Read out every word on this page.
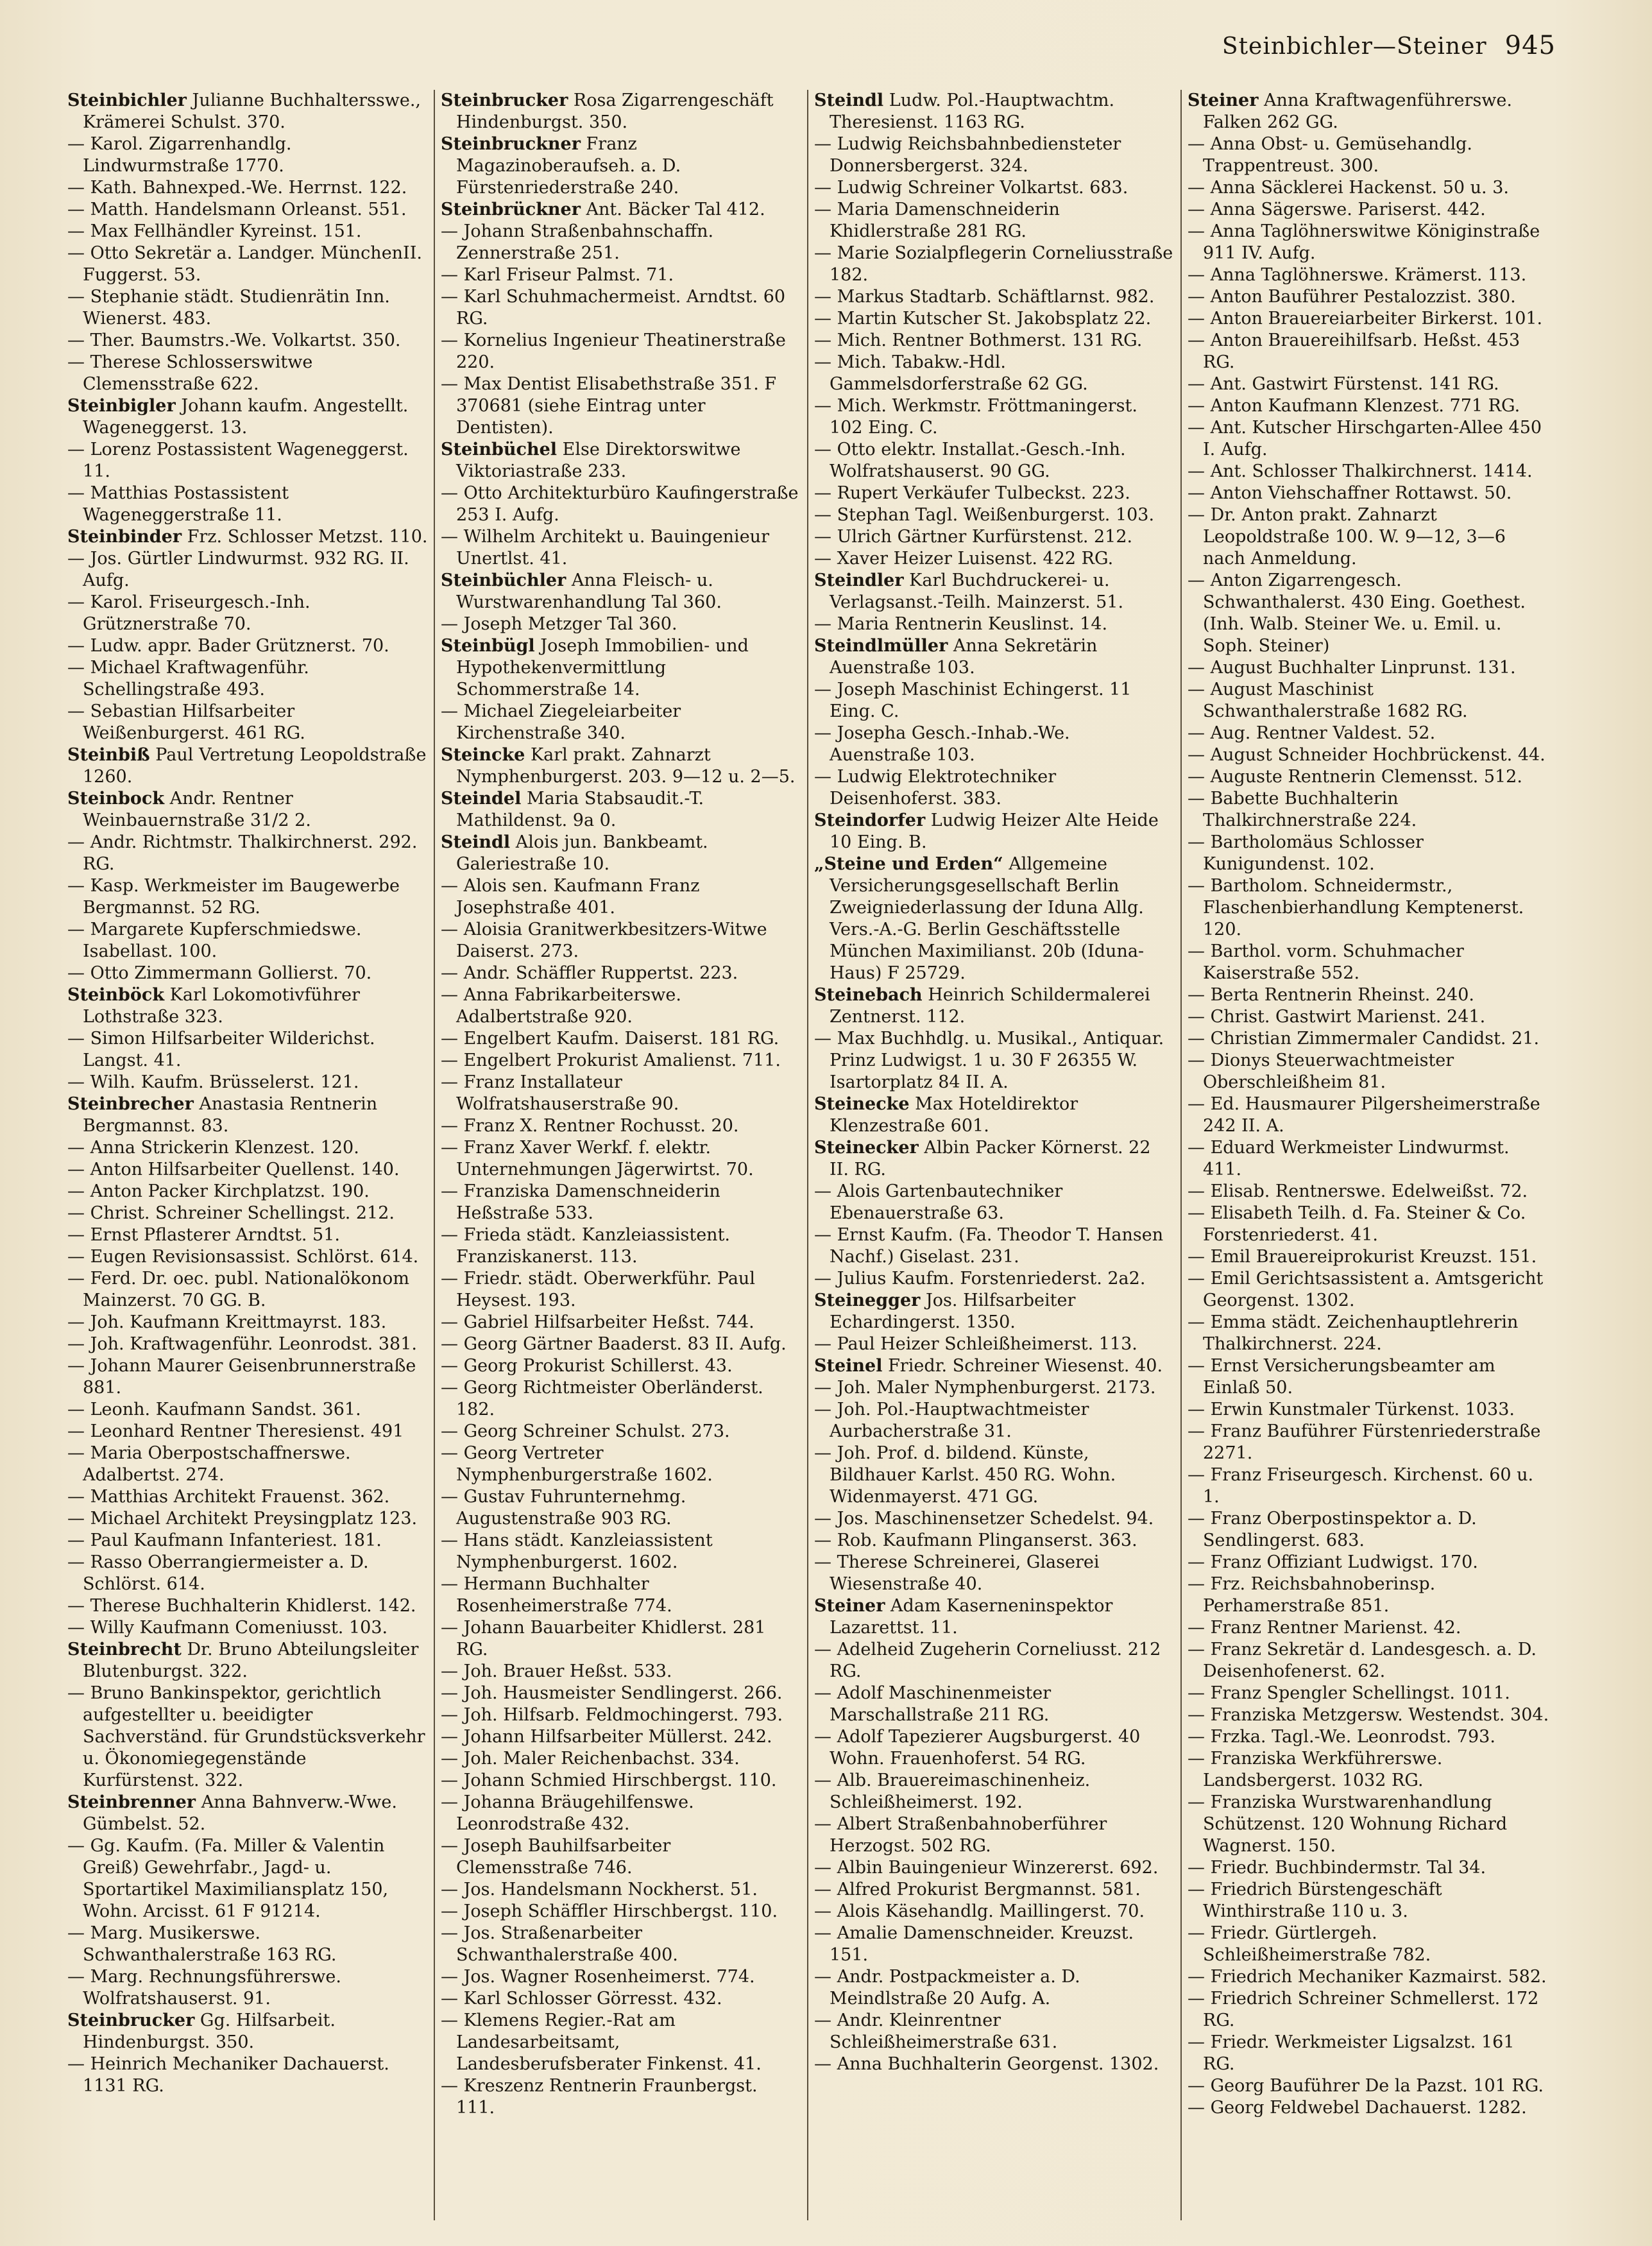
Steinbichler—Steiner 945

Steinbichler Julianne Buchhaltersswe., Krämerei Schulst. 370.

— Karol. Zigarrenhandlg. Lindwurmstraße 1770.

— Kath. Bahnexped.-We. Herrnst. 122.

— Matth. Handelsmann Orleanst. 551.

— Max Fellhändler Kyreinst. 151.

— Otto Sekretär a. Landger. MünchenII. Fuggerst. 53.

— Stephanie städt. Studienrätin Inn. Wienerst. 483.

— Ther. Baumstrs.-We. Volkartst. 350.

— Therese Schlosserswitwe Clemensstraße 622.

Steinbigler Johann kaufm. Angestellt. Wageneggerst. 13.

— Lorenz Postassistent Wageneggerst. 11.

— Matthias Postassistent Wageneggerstraße 11.

Steinbinder Frz. Schlosser Metzst. 110.

— Jos. Gürtler Lindwurmst. 932 RG. II. Aufg.

— Karol. Friseurgesch.-Inh. Grütznerstraße 70.

— Ludw. appr. Bader Grütznerst. 70.

— Michael Kraftwagenführ. Schellingstraße 493.

— Sebastian Hilfsarbeiter Weißenburgerst. 461 RG.

Steinbiß Paul Vertretung Leopoldstraße 1260.

Steinbock Andr. Rentner Weinbauernstraße 31/2 2.

— Andr. Richtmstr. Thalkirchnerst. 292. RG.

— Kasp. Werkmeister im Baugewerbe Bergmannst. 52 RG.

— Margarete Kupferschmiedswe. Isabellast. 100.

— Otto Zimmermann Gollierst. 70.

Steinböck Karl Lokomotivführer Lothstraße 323.

— Simon Hilfsarbeiter Wilderichst. Langst. 41.

— Wilh. Kaufm. Brüsselerst. 121.

Steinbrecher Anastasia Rentnerin Bergmannst. 83.

— Anna Strickerin Klenzest. 120.

— Anton Hilfsarbeiter Quellenst. 140.

— Anton Packer Kirchplatzst. 190.

— Christ. Schreiner Schellingst. 212.

— Ernst Pflasterer Arndtst. 51.

— Eugen Revisionsassist. Schlörst. 614.

— Ferd. Dr. oec. publ. Nationalökonom Mainzerst. 70 GG. B.

— Joh. Kaufmann Kreittmayrst. 183.

— Joh. Kraftwagenführ. Leonrodst. 381.

— Johann Maurer Geisenbrunnerstraße 881.

— Leonh. Kaufmann Sandst. 361.

— Leonhard Rentner Theresienst. 491

— Maria Oberpostschaffnerswe. Adalbertst. 274.

— Matthias Architekt Frauenst. 362.

— Michael Architekt Preysingplatz 123.

— Paul Kaufmann Infanteriest. 181.

— Rasso Oberrangiermeister a. D. Schlörst. 614.

— Therese Buchhalterin Khidlerst. 142.

— Willy Kaufmann Comeniusst. 103.

Steinbrecht Dr. Bruno Abteilungsleiter Blutenburgst. 322.

— Bruno Bankinspektor, gerichtlich aufgestellter u. beeidigter Sachverständ. für Grundstücksverkehr u. Ökonomiegegenstände Kurfürstenst. 322.

Steinbrenner Anna Bahnverw.-Wwe. Gümbelst. 52.

— Gg. Kaufm. (Fa. Miller & Valentin Greiß) Gewehrfabr., Jagd- u. Sportartikel Maximiliansplatz 150, Wohn. Arcisst. 61 F 91214.

— Marg. Musikerswe. Schwanthalerstraße 163 RG.

— Marg. Rechnungsführerswe. Wolfratshauserst. 91.

Steinbrucker Gg. Hilfsarbeit. Hindenburgst. 350.

— Heinrich Mechaniker Dachauerst. 1131 RG.

Steinbrucker Rosa Zigarrengeschäft Hindenburgst. 350.

Steinbruckner Franz Magazinoberaufseh. a. D. Fürstenriederstraße 240.

Steinbrückner Ant. Bäcker Tal 412.

— Johann Straßenbahnschaffn. Zennerstraße 251.

— Karl Friseur Palmst. 71.

— Karl Schuhmachermeist. Arndtst. 60 RG.

— Kornelius Ingenieur Theatinerstraße 220.

— Max Dentist Elisabethstraße 351. F 370681 (siehe Eintrag unter Dentisten).

Steinbüchel Else Direktorswitwe Viktoriastraße 233.

— Otto Architekturbüro Kaufingerstraße 253 I. Aufg.

— Wilhelm Architekt u. Bauingenieur Unertlst. 41.

Steinbüchler Anna Fleisch- u. Wurstwarenhandlung Tal 360.

— Joseph Metzger Tal 360.

Steinbügl Joseph Immobilien- und Hypothekenvermittlung Schommerstraße 14.

— Michael Ziegeleiarbeiter Kirchenstraße 340.

Steincke Karl prakt. Zahnarzt Nymphenburgerst. 203. 9—12 u. 2—5.

Steindel Maria Stabsaudit.-T. Mathildenst. 9a 0.

Steindl Alois jun. Bankbeamt. Galeriestraße 10.

— Alois sen. Kaufmann Franz Josephstraße 401.

— Aloisia Granitwerkbesitzers-Witwe Daiserst. 273.

— Andr. Schäffler Ruppertst. 223.

— Anna Fabrikarbeiterswe. Adalbertstraße 920.

— Engelbert Kaufm. Daiserst. 181 RG.

— Engelbert Prokurist Amalienst. 711.

— Franz Installateur Wolfratshauserstraße 90.

— Franz X. Rentner Rochusst. 20.

— Franz Xaver Werkf. f. elektr. Unternehmungen Jägerwirtst. 70.

— Franziska Damenschneiderin Heßstraße 533.

— Frieda städt. Kanzleiassistent. Franziskanerst. 113.

— Friedr. städt. Oberwerkführ. Paul Heysest. 193.

— Gabriel Hilfsarbeiter Heßst. 744.

— Georg Gärtner Baaderst. 83 II. Aufg.

— Georg Prokurist Schillerst. 43.

— Georg Richtmeister Oberländerst. 182.

— Georg Schreiner Schulst. 273.

— Georg Vertreter Nymphenburgerstraße 1602.

— Gustav Fuhrunternehmg. Augustenstraße 903 RG.

— Hans städt. Kanzleiassistent Nymphenburgerst. 1602.

— Hermann Buchhalter Rosenheimerstraße 774.

— Johann Bauarbeiter Khidlerst. 281 RG.

— Joh. Brauer Heßst. 533.

— Joh. Hausmeister Sendlingerst. 266.

— Joh. Hilfsarb. Feldmochingerst. 793.

— Johann Hilfsarbeiter Müllerst. 242.

— Joh. Maler Reichenbachst. 334.

— Johann Schmied Hirschbergst. 110.

— Johanna Bräugehilfenswe. Leonrodstraße 432.

— Joseph Bauhilfsarbeiter Clemensstraße 746.

— Jos. Handelsmann Nockherst. 51.

— Joseph Schäffler Hirschbergst. 110.

— Jos. Straßenarbeiter Schwanthalerstraße 400.

— Jos. Wagner Rosenheimerst. 774.

— Karl Schlosser Görresst. 432.

— Klemens Regier.-Rat am Landesarbeitsamt, Landesberufsberater Finkenst. 41.

— Kreszenz Rentnerin Fraunbergst. 111.

Steindl Ludw. Pol.-Hauptwachtm. Theresienst. 1163 RG.

— Ludwig Reichsbahnbediensteter Donnersbergerst. 324.

— Ludwig Schreiner Volkartst. 683.

— Maria Damenschneiderin Khidlerstraße 281 RG.

— Marie Sozialpflegerin Corneliusstraße 182.

— Markus Stadtarb. Schäftlarnst. 982.

— Martin Kutscher St. Jakobsplatz 22.

— Mich. Rentner Bothmerst. 131 RG.

— Mich. Tabakw.-Hdl. Gammelsdorferstraße 62 GG.

— Mich. Werkmstr. Fröttmaningerst. 102 Eing. C.

— Otto elektr. Installat.-Gesch.-Inh. Wolfratshauserst. 90 GG.

— Rupert Verkäufer Tulbeckst. 223.

— Stephan Tagl. Weißenburgerst. 103.

— Ulrich Gärtner Kurfürstenst. 212.

— Xaver Heizer Luisenst. 422 RG.

Steindler Karl Buchdruckerei- u. Verlagsanst.-Teilh. Mainzerst. 51.

— Maria Rentnerin Keuslinst. 14.

Steindlmüller Anna Sekretärin Auenstraße 103.

— Joseph Maschinist Echingerst. 11 Eing. C.

— Josepha Gesch.-Inhab.-We. Auenstraße 103.

— Ludwig Elektrotechniker Deisenhoferst. 383.

Steindorfer Ludwig Heizer Alte Heide 10 Eing. B.

„Steine und Erden“ Allgemeine Versicherungsgesellschaft Berlin Zweigniederlassung der Iduna Allg. Vers.-A.-G. Berlin Geschäftsstelle München Maximilianst. 20b (Iduna-Haus) F 25729.

Steinebach Heinrich Schildermalerei Zentnerst. 112.

— Max Buchhdlg. u. Musikal., Antiquar. Prinz Ludwigst. 1 u. 30 F 26355 W. Isartorplatz 84 II. A.

Steinecke Max Hoteldirektor Klenzestraße 601.

Steinecker Albin Packer Körnerst. 22 II. RG.

— Alois Gartenbautechniker Ebenauerstraße 63.

— Ernst Kaufm. (Fa. Theodor T. Hansen Nachf.) Giselast. 231.

— Julius Kaufm. Forstenriederst. 2a2.

Steinegger Jos. Hilfsarbeiter Echardingerst. 1350.

— Paul Heizer Schleißheimerst. 113.

Steinel Friedr. Schreiner Wiesenst. 40.

— Joh. Maler Nymphenburgerst. 2173.

— Joh. Pol.-Hauptwachtmeister Aurbacherstraße 31.

— Joh. Prof. d. bildend. Künste, Bildhauer Karlst. 450 RG. Wohn. Widenmayerst. 471 GG.

— Jos. Maschinensetzer Schedelst. 94.

— Rob. Kaufmann Plinganserst. 363.

— Therese Schreinerei, Glaserei Wiesenstraße 40.

Steiner Adam Kaserneninspektor Lazarettst. 11.

— Adelheid Zugeherin Corneliusst. 212 RG.

— Adolf Maschinenmeister Marschallstraße 211 RG.

— Adolf Tapezierer Augsburgerst. 40 Wohn. Frauenhoferst. 54 RG.

— Alb. Brauereimaschinenheiz. Schleißheimerst. 192.

— Albert Straßenbahnoberführer Herzogst. 502 RG.

— Albin Bauingenieur Winzererst. 692.

— Alfred Prokurist Bergmannst. 581.

— Alois Käsehandlg. Maillingerst. 70.

— Amalie Damenschneider. Kreuzst. 151.

— Andr. Postpackmeister a. D. Meindlstraße 20 Aufg. A.

— Andr. Kleinrentner Schleißheimerstraße 631.

— Anna Buchhalterin Georgenst. 1302.

Steiner Anna Kraftwagenführerswe. Falken 262 GG.

— Anna Obst- u. Gemüsehandlg. Trappentreust. 300.

— Anna Säcklerei Hackenst. 50 u. 3.

— Anna Sägerswe. Pariserst. 442.

— Anna Taglöhnerswitwe Königinstraße 911 IV. Aufg.

— Anna Taglöhnerswe. Krämerst. 113.

— Anton Bauführer Pestalozzist. 380.

— Anton Brauereiarbeiter Birkerst. 101.

— Anton Brauereihilfsarb. Heßst. 453 RG.

— Ant. Gastwirt Fürstenst. 141 RG.

— Anton Kaufmann Klenzest. 771 RG.

— Ant. Kutscher Hirschgarten-Allee 450 I. Aufg.

— Ant. Schlosser Thalkirchnerst. 1414.

— Anton Viehschaffner Rottawst. 50.

— Dr. Anton prakt. Zahnarzt Leopoldstraße 100. W. 9—12, 3—6 nach Anmeldung.

— Anton Zigarrengesch. Schwanthalerst. 430 Eing. Goethest. (Inh. Walb. Steiner We. u. Emil. u. Soph. Steiner)

— August Buchhalter Linprunst. 131.

— August Maschinist Schwanthalerstraße 1682 RG.

— Aug. Rentner Valdest. 52.

— August Schneider Hochbrückenst. 44.

— Auguste Rentnerin Clemensst. 512.

— Babette Buchhalterin Thalkirchnerstraße 224.

— Bartholomäus Schlosser Kunigundenst. 102.

— Bartholom. Schneidermstr., Flaschenbierhandlung Kemptenerst. 120.

— Barthol. vorm. Schuhmacher Kaiserstraße 552.

— Berta Rentnerin Rheinst. 240.

— Christ. Gastwirt Marienst. 241.

— Christian Zimmermaler Candidst. 21.

— Dionys Steuerwachtmeister Oberschleißheim 81.

— Ed. Hausmaurer Pilgersheimerstraße 242 II. A.

— Eduard Werkmeister Lindwurmst. 411.

— Elisab. Rentnerswe. Edelweißst. 72.

— Elisabeth Teilh. d. Fa. Steiner & Co. Forstenriederst. 41.

— Emil Brauereiprokurist Kreuzst. 151.

— Emil Gerichtsassistent a. Amtsgericht Georgenst. 1302.

— Emma städt. Zeichenhauptlehrerin Thalkirchnerst. 224.

— Ernst Versicherungsbeamter am Einlaß 50.

— Erwin Kunstmaler Türkenst. 1033.

— Franz Bauführer Fürstenriederstraße 2271.

— Franz Friseurgesch. Kirchenst. 60 u. 1.

— Franz Oberpostinspektor a. D. Sendlingerst. 683.

— Franz Offiziant Ludwigst. 170.

— Frz. Reichsbahnoberinsp. Perhamerstraße 851.

— Franz Rentner Marienst. 42.

— Franz Sekretär d. Landesgesch. a. D. Deisenhofenerst. 62.

— Franz Spengler Schellingst. 1011.

— Franziska Metzgersw. Westendst. 304.

— Frzka. Tagl.-We. Leonrodst. 793.

— Franziska Werkführerswe. Landsbergerst. 1032 RG.

— Franziska Wurstwarenhandlung Schützenst. 120 Wohnung Richard Wagnerst. 150.

— Friedr. Buchbindermstr. Tal 34.

— Friedrich Bürstengeschäft Winthirstraße 110 u. 3.

— Friedr. Gürtlergeh. Schleißheimerstraße 782.

— Friedrich Mechaniker Kazmairst. 582.

— Friedrich Schreiner Schmellerst. 172 RG.

— Friedr. Werkmeister Ligsalzst. 161 RG.

— Georg Bauführer De la Pazst. 101 RG.

— Georg Feldwebel Dachauerst. 1282.
